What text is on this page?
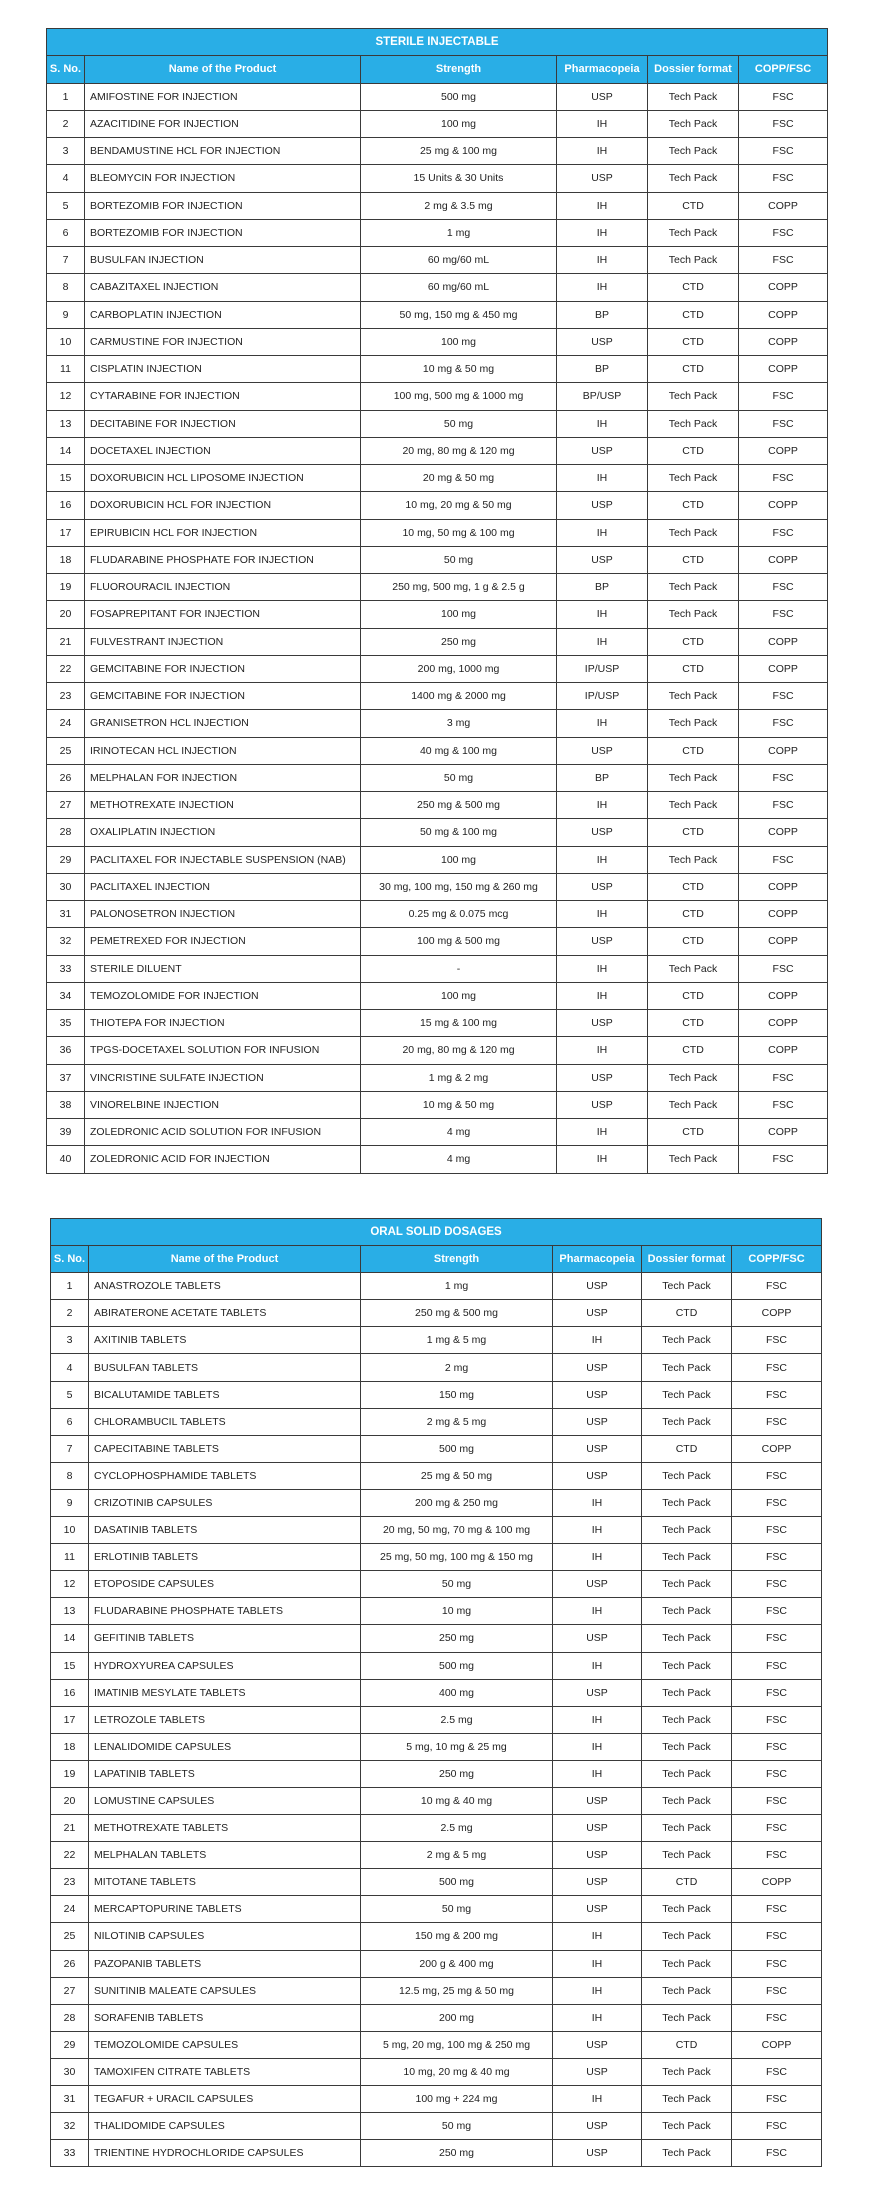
STERILE INJECTABLE					
S. No.	Name of the Product	Strength	Pharmacopeia	Dossier format	COPP/FSC
1	AMIFOSTINE FOR INJECTION	500 mg	USP	Tech Pack	FSC
2	AZACITIDINE FOR INJECTION	100 mg	IH	Tech Pack	FSC
3	BENDAMUSTINE HCL FOR INJECTION	25 mg & 100 mg	IH	Tech Pack	FSC
4	BLEOMYCIN FOR INJECTION	15 Units & 30 Units	USP	Tech Pack	FSC
5	BORTEZOMIB FOR INJECTION	2 mg & 3.5 mg	IH	CTD	COPP
6	BORTEZOMIB FOR INJECTION	1 mg	IH	Tech Pack	FSC
7	BUSULFAN INJECTION	60 mg/60 mL	IH	Tech Pack	FSC
8	CABAZITAXEL INJECTION	60 mg/60 mL	IH	CTD	COPP
9	CARBOPLATIN INJECTION	50 mg, 150 mg & 450 mg	BP	CTD	COPP
10	CARMUSTINE FOR INJECTION	100 mg	USP	CTD	COPP
11	CISPLATIN INJECTION	10 mg & 50 mg	BP	CTD	COPP
12	CYTARABINE FOR INJECTION	100 mg, 500 mg & 1000 mg	BP/USP	Tech Pack	FSC
13	DECITABINE FOR INJECTION	50 mg	IH	Tech Pack	FSC
14	DOCETAXEL INJECTION	20 mg, 80 mg & 120 mg	USP	CTD	COPP
15	DOXORUBICIN HCL LIPOSOME INJECTION	20 mg & 50 mg	IH	Tech Pack	FSC
16	DOXORUBICIN HCL FOR INJECTION	10 mg, 20 mg & 50 mg	USP	CTD	COPP
17	EPIRUBICIN HCL FOR INJECTION	10 mg, 50 mg & 100 mg	IH	Tech Pack	FSC
18	FLUDARABINE PHOSPHATE FOR INJECTION	50 mg	USP	CTD	COPP
19	FLUOROURACIL INJECTION	250 mg, 500 mg, 1 g & 2.5 g	BP	Tech Pack	FSC
20	FOSAPREPITANT FOR INJECTION	100 mg	IH	Tech Pack	FSC
21	FULVESTRANT INJECTION	250 mg	IH	CTD	COPP
22	GEMCITABINE FOR INJECTION	200 mg, 1000 mg	IP/USP	CTD	COPP
23	GEMCITABINE FOR INJECTION	1400 mg & 2000 mg	IP/USP	Tech Pack	FSC
24	GRANISETRON HCL INJECTION	3 mg	IH	Tech Pack	FSC
25	IRINOTECAN HCL INJECTION	40 mg & 100 mg	USP	CTD	COPP
26	MELPHALAN FOR INJECTION	50 mg	BP	Tech Pack	FSC
27	METHOTREXATE INJECTION	250 mg & 500 mg	IH	Tech Pack	FSC
28	OXALIPLATIN INJECTION	50 mg & 100 mg	USP	CTD	COPP
29	PACLITAXEL FOR INJECTABLE SUSPENSION (NAB)	100 mg	IH	Tech Pack	FSC
30	PACLITAXEL INJECTION	30 mg, 100 mg, 150 mg & 260 mg	USP	CTD	COPP
31	PALONOSETRON INJECTION	0.25 mg & 0.075 mcg	IH	CTD	COPP
32	PEMETREXED FOR INJECTION	100 mg & 500 mg	USP	CTD	COPP
33	STERILE DILUENT	-	IH	Tech Pack	FSC
34	TEMOZOLOMIDE FOR INJECTION	100 mg	IH	CTD	COPP
35	THIOTEPA FOR INJECTION	15 mg & 100 mg	USP	CTD	COPP
36	TPGS-DOCETAXEL SOLUTION FOR INFUSION	20 mg, 80 mg & 120 mg	IH	CTD	COPP
37	VINCRISTINE SULFATE INJECTION	1 mg & 2 mg	USP	Tech Pack	FSC
38	VINORELBINE INJECTION	10 mg & 50 mg	USP	Tech Pack	FSC
39	ZOLEDRONIC ACID SOLUTION FOR INFUSION	4 mg	IH	CTD	COPP
40	ZOLEDRONIC ACID FOR INJECTION	4 mg	IH	Tech Pack	FSC
ORAL SOLID DOSAGES					
S. No.	Name of the Product	Strength	Pharmacopeia	Dossier format	COPP/FSC
1	ANASTROZOLE TABLETS	1 mg	USP	Tech Pack	FSC
2	ABIRATERONE ACETATE TABLETS	250 mg & 500 mg	USP	CTD	COPP
3	AXITINIB TABLETS	1 mg & 5 mg	IH	Tech Pack	FSC
4	BUSULFAN TABLETS	2 mg	USP	Tech Pack	FSC
5	BICALUTAMIDE TABLETS	150 mg	USP	Tech Pack	FSC
6	CHLORAMBUCIL TABLETS	2 mg & 5 mg	USP	Tech Pack	FSC
7	CAPECITABINE TABLETS	500 mg	USP	CTD	COPP
8	CYCLOPHOSPHAMIDE TABLETS	25 mg & 50 mg	USP	Tech Pack	FSC
9	CRIZOTINIB CAPSULES	200 mg & 250 mg	IH	Tech Pack	FSC
10	DASATINIB TABLETS	20 mg, 50 mg, 70 mg & 100 mg	IH	Tech Pack	FSC
11	ERLOTINIB TABLETS	25 mg, 50 mg, 100 mg & 150 mg	IH	Tech Pack	FSC
12	ETOPOSIDE CAPSULES	50 mg	USP	Tech Pack	FSC
13	FLUDARABINE PHOSPHATE TABLETS	10 mg	IH	Tech Pack	FSC
14	GEFITINIB TABLETS	250 mg	USP	Tech Pack	FSC
15	HYDROXYUREA CAPSULES	500 mg	IH	Tech Pack	FSC
16	IMATINIB MESYLATE TABLETS	400 mg	USP	Tech Pack	FSC
17	LETROZOLE TABLETS	2.5 mg	IH	Tech Pack	FSC
18	LENALIDOMIDE CAPSULES	5 mg, 10 mg & 25 mg	IH	Tech Pack	FSC
19	LAPATINIB TABLETS	250 mg	IH	Tech Pack	FSC
20	LOMUSTINE CAPSULES	10 mg & 40 mg	USP	Tech Pack	FSC
21	METHOTREXATE TABLETS	2.5 mg	USP	Tech Pack	FSC
22	MELPHALAN TABLETS	2 mg & 5 mg	USP	Tech Pack	FSC
23	MITOTANE TABLETS	500 mg	USP	CTD	COPP
24	MERCAPTOPURINE TABLETS	50 mg	USP	Tech Pack	FSC
25	NILOTINIB CAPSULES	150 mg & 200 mg	IH	Tech Pack	FSC
26	PAZOPANIB TABLETS	200 g & 400 mg	IH	Tech Pack	FSC
27	SUNITINIB MALEATE CAPSULES	12.5 mg, 25 mg & 50 mg	IH	Tech Pack	FSC
28	SORAFENIB TABLETS	200 mg	IH	Tech Pack	FSC
29	TEMOZOLOMIDE CAPSULES	5 mg, 20 mg, 100 mg & 250 mg	USP	CTD	COPP
30	TAMOXIFEN CITRATE TABLETS	10 mg, 20 mg & 40 mg	USP	Tech Pack	FSC
31	TEGAFUR + URACIL CAPSULES	100 mg + 224 mg	IH	Tech Pack	FSC
32	THALIDOMIDE CAPSULES	50 mg	USP	Tech Pack	FSC
33	TRIENTINE HYDROCHLORIDE CAPSULES	250 mg	USP	Tech Pack	FSC
